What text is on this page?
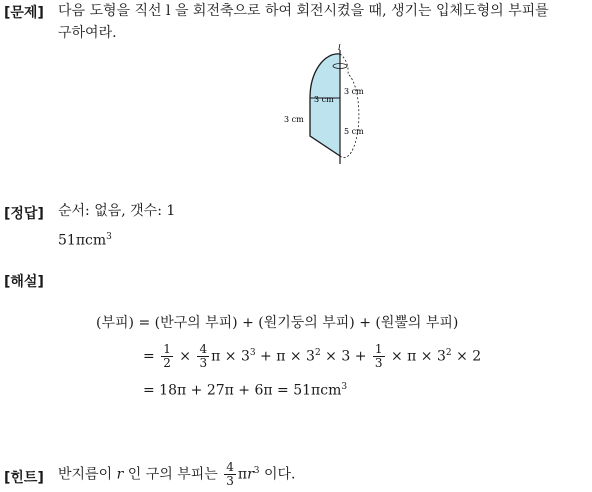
[문제] 다음 도형을 직선 l 을 회전축으로 하여 회전시켰을 때, 생기는 입체도형의 부피를
구하여라.
l
3 cm
3 cm
3 cm
5 cm
[정답] 순서: 없음, 갯수: 1
51πcm$^3$
[해설]
(부피) = (반구의 부피) + (원기둥의 부피) + (원뿔의 부피)
= $\frac{1}{2} \times \frac{4}{3}$ $\pi \times 3^3 + \pi \times 3^2 \times 3 + \frac{1}{3} \times \pi \times 3^2 \times 2$
= 18π + 27π + 6π = 51πcm$^3$
[힌트] 반지름이 r 인 구의 부피는 $\frac{4}{3} \pi r^3$ 이다.
